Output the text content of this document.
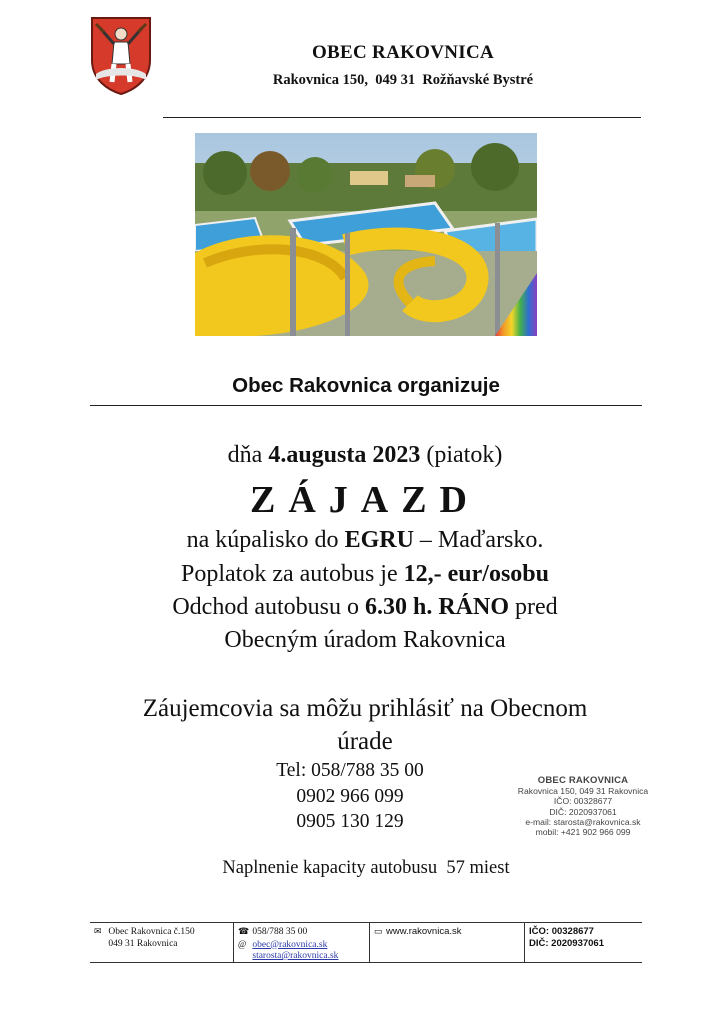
OBEC RAKOVNICA
Rakovnica 150,  049 31  Rožňavské Bystré
Obec Rakovnica organizuje
dňa 4.augusta 2023 (piatok)
ZÁJAZD
na kúpalisko do EGRU – Maďarsko.
Poplatok za autobus je 12,- eur/osobu
Odchod autobusu o 6.30 h. RÁNO pred
Obecným úradom Rakovnica
Záujemcovia sa môžu prihlásiť na Obecnom
úrade
Tel: 058/788 35 00
0902 966 099
0905 130 129
OBEC RAKOVNICA
Rakovnica 150, 049 31 Rakovnica
IČO: 00328677
DIČ: 2020937061
e-mail: starosta@rakovnica.sk
mobil: +421 902 966 099
Naplnenie kapacity autobusu  57 miest
✉ Obec Rakovnica č.150
049 31 Rakovnica
☎ 058/788 35 00
@ obec@rakovnica.sk
starosta@rakovnica.sk
▭ www.rakovnica.sk	IČO: 00328677
DIČ: 2020937061
